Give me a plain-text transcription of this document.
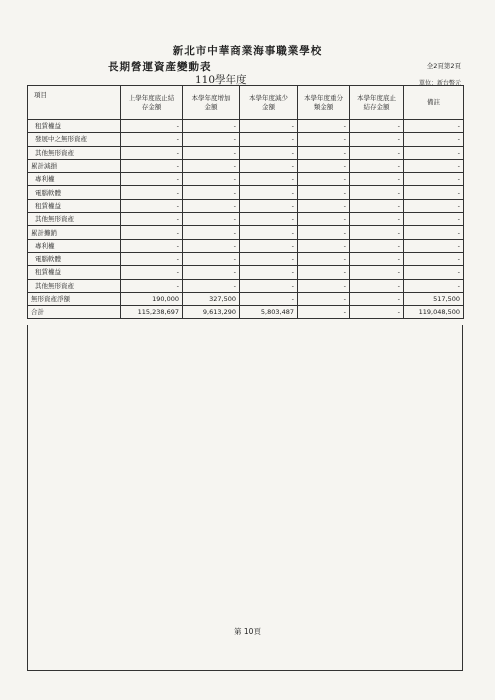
新北市中華商業海事職業學校
長期營運資產變動表	全2頁第2頁
110學年度	單位：新台幣元
項目	上學年度底止結存金額	本學年度增加金額	本學年度減少金額	本學年度重分類金額	本學年度底止結存金額	備註
租賃權益	-	-	-	-	-	-
發展中之無形資產	-	-	-	-	-	-
其他無形資產	-	-	-	-	-	-
累計減損	-	-	-	-	-	-
專利權	-	-	-	-	-	-
電腦軟體	-	-	-	-	-	-
租賃權益	-	-	-	-	-	-
其他無形資產	-	-	-	-	-	-
累計攤銷	-	-	-	-	-	-
專利權	-	-	-	-	-	-
電腦軟體	-	-	-	-	-	-
租賃權益	-	-	-	-	-	-
其他無形資產	-	-	-	-	-	-
無形資產淨額	190,000	327,500	-	-	-	517,500
合計	115,238,697	9,613,290	5,803,487	-	-	119,048,500
第 10頁
